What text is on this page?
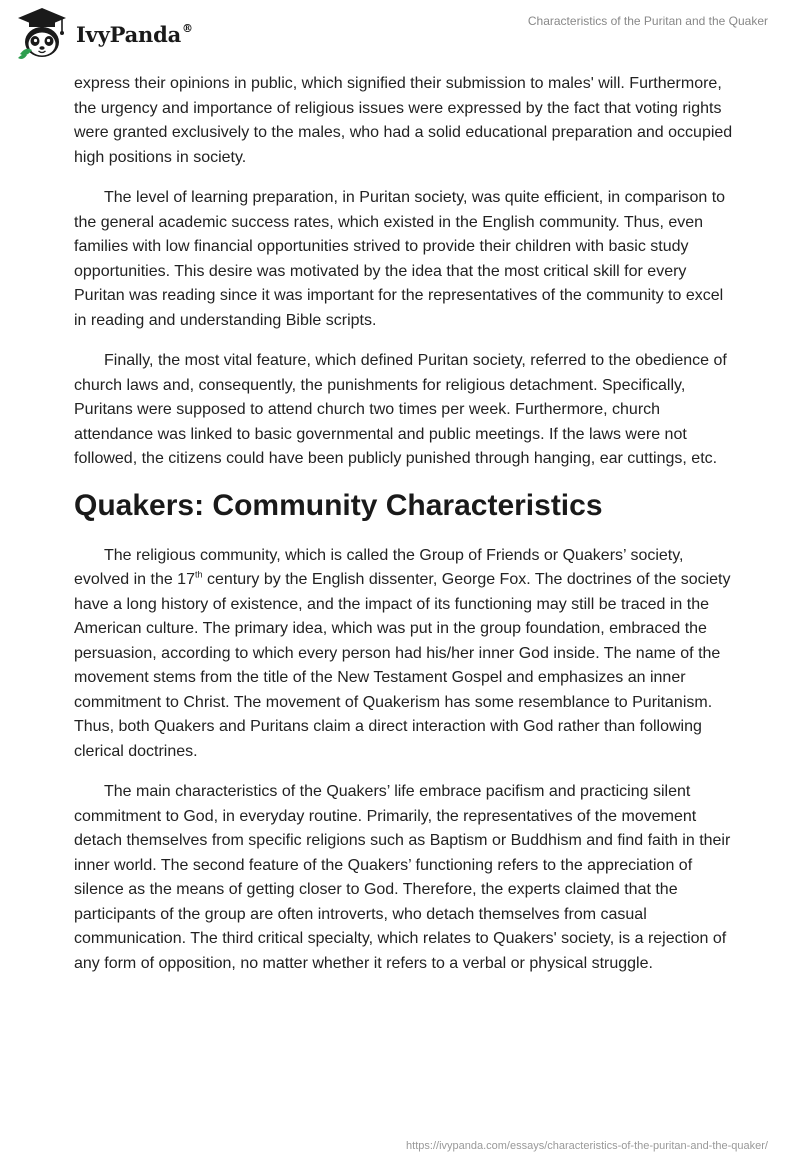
IvyPanda®	Characteristics of the Puritan and the Quaker

express their opinions in public, which signified their submission to males' will. Furthermore, the urgency and importance of religious issues were expressed by the fact that voting rights were granted exclusively to the males, who had a solid educational preparation and occupied high positions in society.

The level of learning preparation, in Puritan society, was quite efficient, in comparison to the general academic success rates, which existed in the English community. Thus, even families with low financial opportunities strived to provide their children with basic study opportunities. This desire was motivated by the idea that the most critical skill for every Puritan was reading since it was important for the representatives of the community to excel in reading and understanding Bible scripts.

Finally, the most vital feature, which defined Puritan society, referred to the obedience of church laws and, consequently, the punishments for religious detachment. Specifically, Puritans were supposed to attend church two times per week. Furthermore, church attendance was linked to basic governmental and public meetings. If the laws were not followed, the citizens could have been publicly punished through hanging, ear cuttings, etc.

Quakers: Community Characteristics

The religious community, which is called the Group of Friends or Quakers’ society, evolved in the 17th century by the English dissenter, George Fox. The doctrines of the society have a long history of existence, and the impact of its functioning may still be traced in the American culture. The primary idea, which was put in the group foundation, embraced the persuasion, according to which every person had his/her inner God inside. The name of the movement stems from the title of the New Testament Gospel and emphasizes an inner commitment to Christ. The movement of Quakerism has some resemblance to Puritanism. Thus, both Quakers and Puritans claim a direct interaction with God rather than following clerical doctrines.

The main characteristics of the Quakers’ life embrace pacifism and practicing silent commitment to God, in everyday routine. Primarily, the representatives of the movement detach themselves from specific religions such as Baptism or Buddhism and find faith in their inner world. The second feature of the Quakers’ functioning refers to the appreciation of silence as the means of getting closer to God. Therefore, the experts claimed that the participants of the group are often introverts, who detach themselves from casual communication. The third critical specialty, which relates to Quakers' society, is a rejection of any form of opposition, no matter whether it refers to a verbal or physical struggle.

https://ivypanda.com/essays/characteristics-of-the-puritan-and-the-quaker/
